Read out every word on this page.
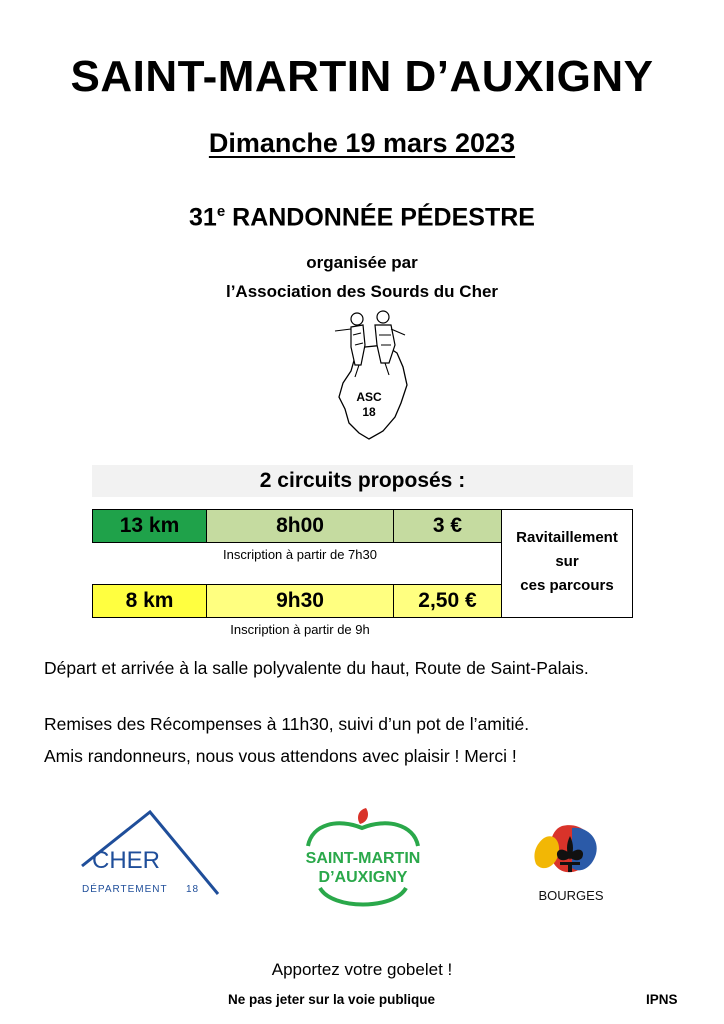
SAINT-MARTIN D’AUXIGNY
Dimanche 19 mars 2023
31e RANDONNÉE PÉDESTRE
organisée par
l’Association des Sourds du Cher
ASC
18
2 circuits proposés :
13 km	8h00	3 €
Inscription à partir de 7h30
8 km	9h30	2,50 €
Inscription à partir de 9h
Ravitaillement
sur
ces parcours
Départ et arrivée à la salle polyvalente du haut, Route de Saint-Palais.
Remises des Récompenses à 11h30, suivi d’un pot de l’amitié.
Amis randonneurs, nous vous attendons avec plaisir ! Merci !
CHER
DÉPARTEMENT 18
SAINT-MARTIN
D’AUXIGNY
BOURGES
Apportez votre gobelet !
Ne pas jeter sur la voie publique	IPNS
